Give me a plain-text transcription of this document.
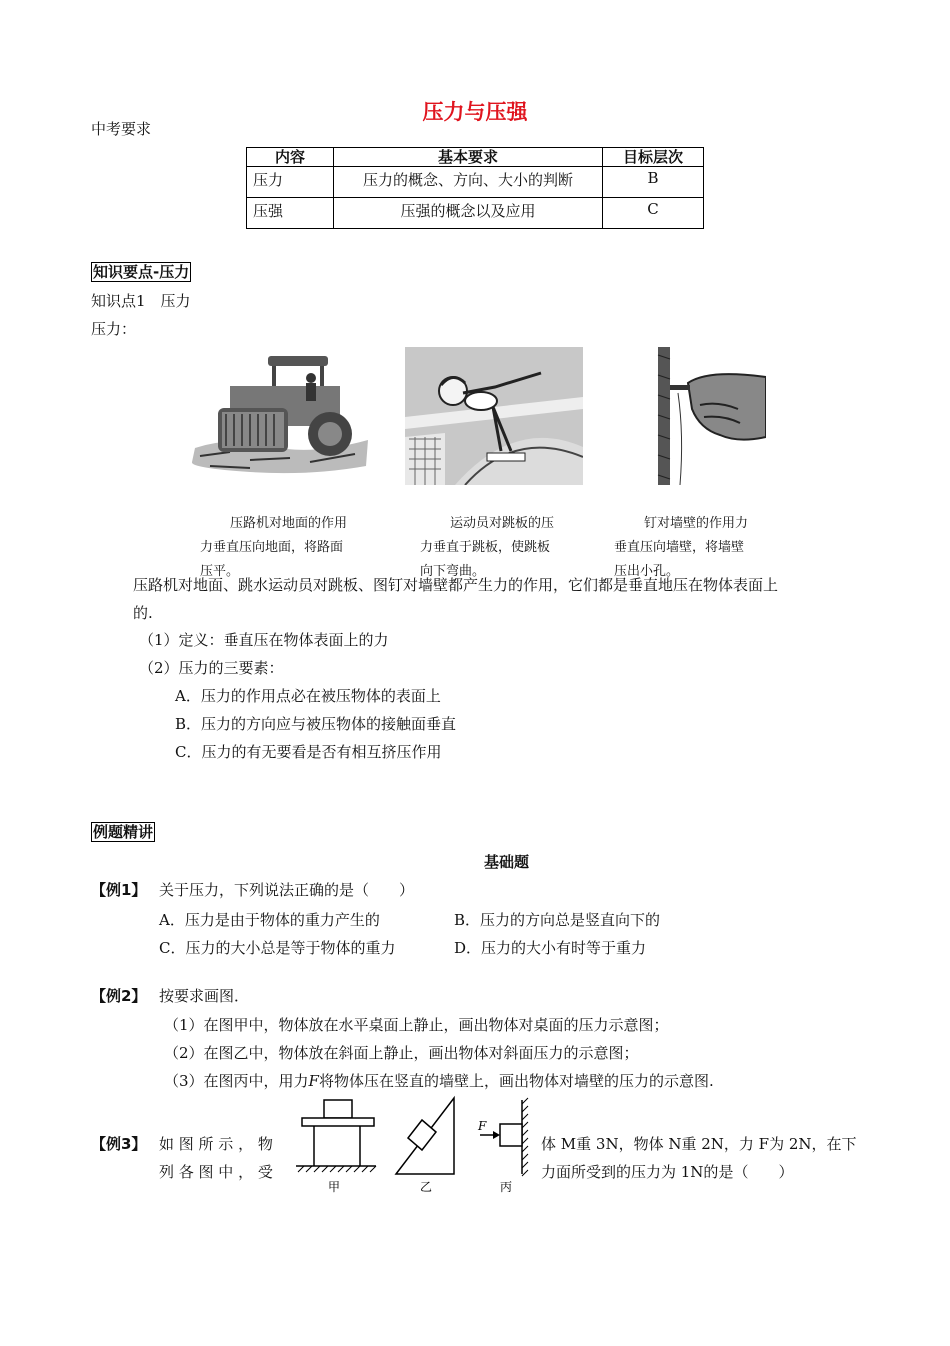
压力与压强
中考要求
内容	基本要求	目标层次
压力	压力的概念、方向、大小的判断	B
压强	压强的概念以及应用	C
知识要点-压力
知识点1　压力
压力：
压路机对地面的作用
力垂直压向地面，将路面
压平。
运动员对跳板的压
力垂直于跳板，使跳板
向下弯曲。
钉对墙壁的作用力
垂直压向墙壁，将墙壁
压出小孔。
压路机对地面、跳水运动员对跳板、图钉对墙壁都产生力的作用，它们都是垂直地压在物体表面上
的.
（1）定义：垂直压在物体表面上的力
（2）压力的三要素：
A．压力的作用点必在被压物体的表面上
B．压力的方向应与被压物体的接触面垂直
C．压力的有无要看是否有相互挤压作用
例题精讲
基础题
【例1】 关于压力，下列说法正确的是（　　）
A．压力是由于物体的重力产生的	B．压力的方向总是竖直向下的
C．压力的大小总是等于物体的重力	D．压力的大小有时等于重力
【例2】 按要求画图．
（1）在图甲中，物体放在水平桌面上静止，画出物体对桌面的压力示意图；
（2）在图乙中，物体放在斜面上静止，画出物体对斜面压力的示意图；
（3）在图丙中，用力F将物体压在竖直的墙壁上，画出物体对墙壁的压力的示意图.
【例3】 如 图 所 示 ， 物
列 各 图 中 ， 受
体 M重 3N，物体 N重 2N，力 F为 2N，在下
力面所受到的压力为 1N的是（　　）
甲	乙
F
丙
